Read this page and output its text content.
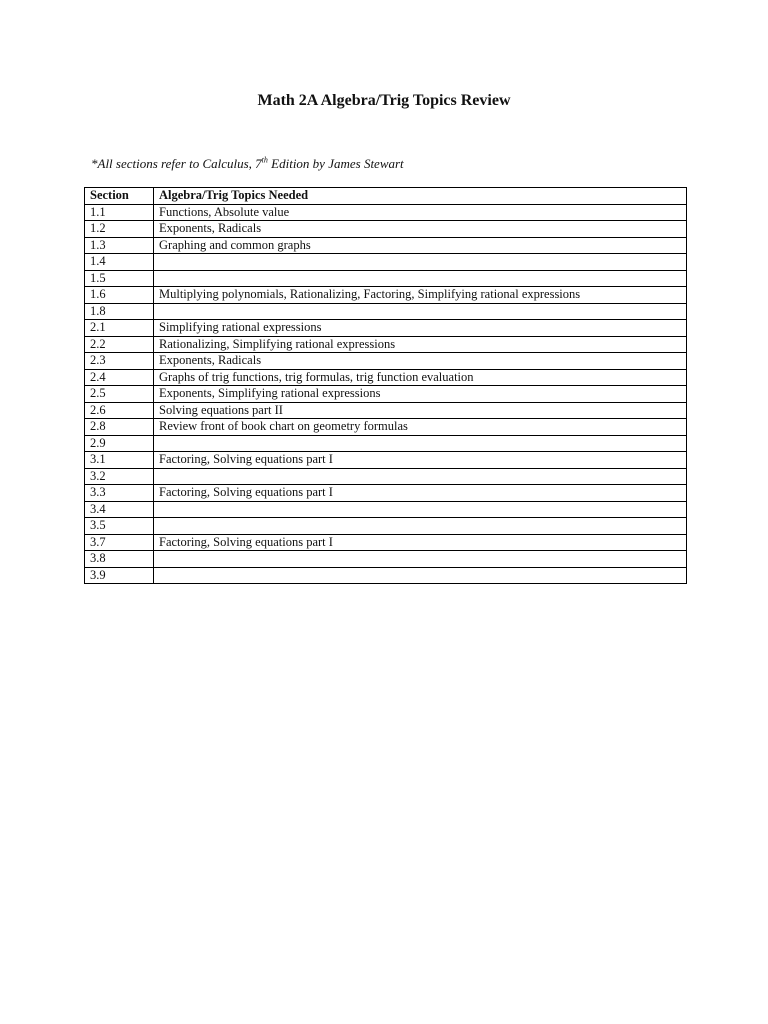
Math 2A Algebra/Trig Topics Review
*All sections refer to Calculus, 7th Edition by James Stewart
Section	Algebra/Trig Topics Needed
1.1	Functions, Absolute value
1.2	Exponents, Radicals
1.3	Graphing and common graphs
1.4	
1.5	
1.6	Multiplying polynomials, Rationalizing, Factoring, Simplifying rational expressions
1.8	
2.1	Simplifying rational expressions
2.2	Rationalizing, Simplifying rational expressions
2.3	Exponents, Radicals
2.4	Graphs of trig functions, trig formulas, trig function evaluation
2.5	Exponents, Simplifying rational expressions
2.6	Solving equations part II
2.8	Review front of book chart on geometry formulas
2.9	
3.1	Factoring, Solving equations part I
3.2	
3.3	Factoring, Solving equations part I
3.4	
3.5	
3.7	Factoring, Solving equations part I
3.8	
3.9	
